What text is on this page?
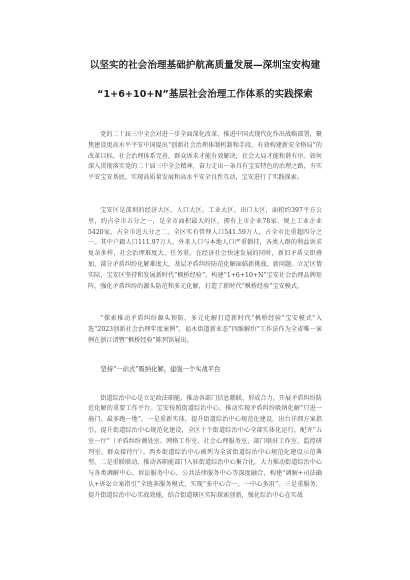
以坚实的社会治理基础护航高质量发展—深圳宝安构建

“1+6+10+N”基层社会治理工作体系的实践探索

党的二十届三中全会对进一步全面深化改革、推进中国式现代化作出战略部署，聚焦建设更高水平平安中国提出“创新社会治理体制机制和手段，有效构建新安全格局”的改革目标。社会治理体系完善，群众诉求才能有效解决，社会大局才能和谐有序。如何深入贯彻落实党的二十届三中全会精神，奋力走出一条具有宝安特色的治理之路，夯实平安宝安基底，实现高质量发展和高水平安全良性互动，宝安进行了实践探索。

宝安区是深圳的经济大区、人口大区、工业大区、出口大区，面积约397平方公里，约占全市五分之一，是全市面积最大的区，拥有上市企业78家、规上工业企业5420家，占全市近五分之二，全区实有管理人口541.59万人，占全市比重超四分之一。其中户籍人口111.97万人，外来人口与本地人口严重倒挂，各类人群的利益诉求复杂多样，社会治理难度大、任务重。在经济社会快速发展的同时，新旧矛盾交织叠加，部分矛盾纠纷化解难度大，基层矛盾纠纷防范化解面临新挑战、新问题。立足区情实际，宝安区坚持和发展新时代“枫桥经验”，构建“1+6+10+N”宝安社会治理品牌矩阵，强化矛盾纠纷的源头防范和多元化解，打造了新时代“枫桥经验”宝安模式。

“探索推动矛盾纠纷源头预防、多元化解打造新时代“枫桥经验”宝安模式”入选“2023创新社会治理年度案例”，福永街道新业态“四维解纷”工作法作为全省唯一案例在浙江诸暨“枫桥经验”陈列馆展出。

坚持“一站式”吸纳化解，建强一个实战平台

街道综治中心是立足政法职能，推动各部门信息耦联、形成合力，开展矛盾纠纷防范化解的重要工作平台。宝安按照街道综治中心，推动实现矛盾纠纷吸纳化解“只进一扇门、最多跑一地”。一是重新实体，提升街道综治中心规范化建设，出台详细方案指引，提升街道综治中心规范化建设，全区十个街道综治中心全部实体化运行，配齐“五室一厅”（矛盾纠纷调处室、网格工作室、社会心理服务室、部门联驻工作室、监控研判室、群众接待厅）。西乡街道综治中心被列为全省街道综治中心规范化建设示范典型。二是重联联动，推动各职能部门入驻街道综治中心集合化。大力推动街道综治中心与各类调解中心、诉讼服务中心、公共法律服务中心等深度融合，构建“调解+司法确认+诉讼立案指引”全链条服务模式，实现“多中心合一、一中心多用”。三是重服务，提升街道综治中心实战效能，结合街道辖区实际探索创新，强化综治中心在实战
